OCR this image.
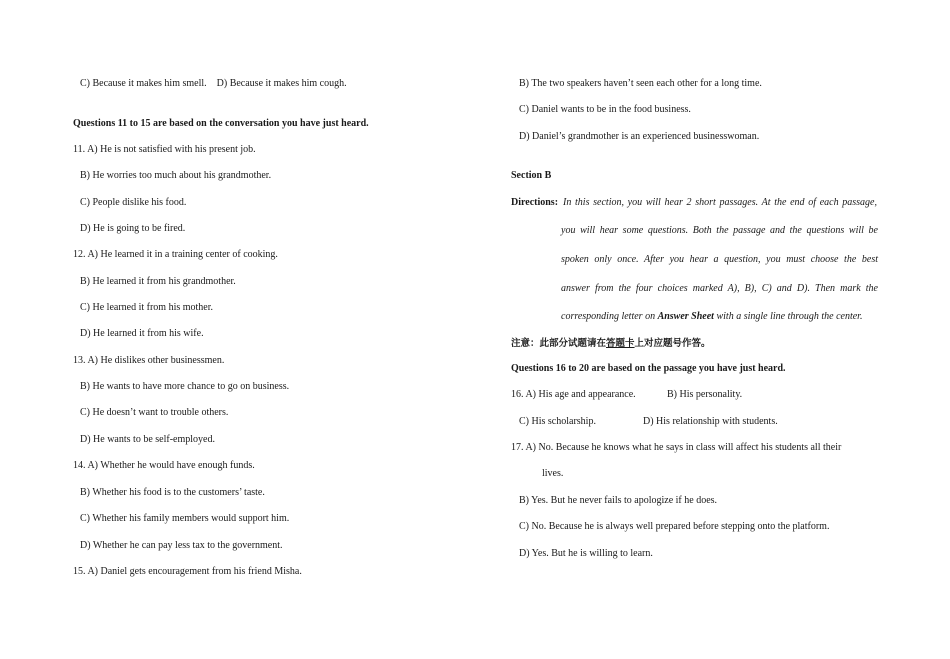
C) Because it makes him smell. D) Because it makes him cough.
Questions 11 to 15 are based on the conversation you have just heard.
11. A) He is not satisfied with his present job.
B) He worries too much about his grandmother.
C) People dislike his food.
D) He is going to be fired.
12. A) He learned it in a training center of cooking.
B) He learned it from his grandmother.
C) He learned it from his mother.
D) He learned it from his wife.
13. A) He dislikes other businessmen.
B) He wants to have more chance to go on business.
C) He doesn’t want to trouble others.
D) He wants to be self-employed.
14. A) Whether he would have enough funds.
B) Whether his food is to the customers’ taste.
C) Whether his family members would support him.
D) Whether he can pay less tax to the government.
15. A) Daniel gets encouragement from his friend Misha.
B) The two speakers haven’t seen each other for a long time.
C) Daniel wants to be in the food business.
D) Daniel’s grandmother is an experienced businesswoman.
Section B
Directions: In this section, you will hear 2 short passages. At the end of each passage,
you will hear some questions. Both the passage and the questions will be
spoken only once. After you hear a question, you must choose the best
answer from the four choices marked A), B), C) and D). Then mark the
corresponding letter on Answer Sheet with a single line through the center.
注意：此部分试题请在答题卡上对应题号作答。
Questions 16 to 20 are based on the passage you have just heard.
16. A) His age and appearance.	B) His personality.
C) His scholarship.	D) His relationship with students.
17. A) No. Because he knows what he says in class will affect his students all their
lives.
B) Yes. But he never fails to apologize if he does.
C) No. Because he is always well prepared before stepping onto the platform.
D) Yes. But he is willing to learn.
